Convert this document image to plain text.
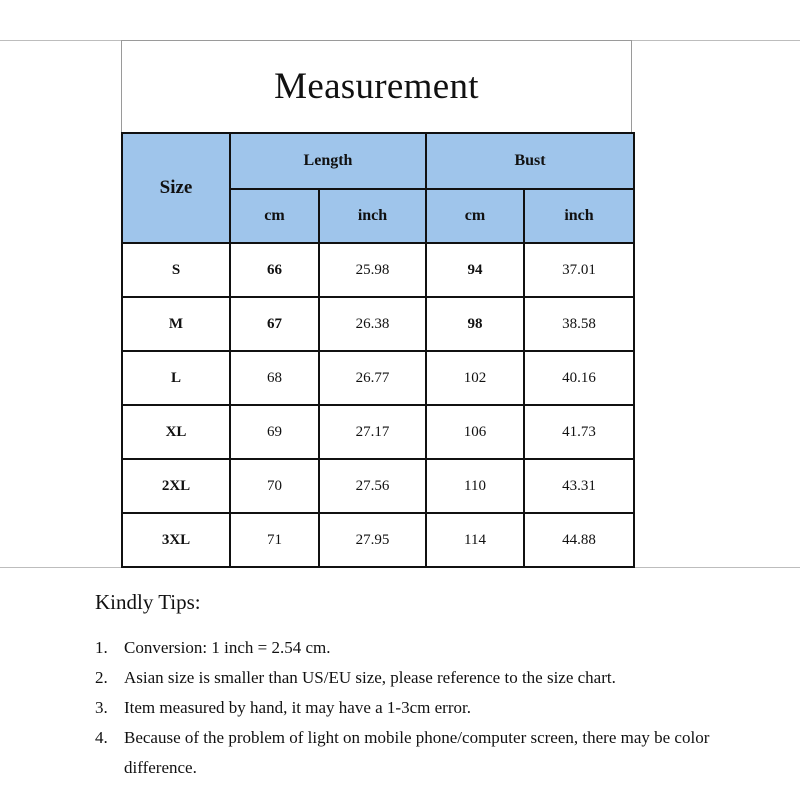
Measurement
Size	Length		Bust	
	cm	inch	cm	inch
S	66	25.98	94	37.01
M	67	26.38	98	38.58
L	68	26.77	102	40.16
XL	69	27.17	106	41.73
2XL	70	27.56	110	43.31
3XL	71	27.95	114	44.88
Kindly Tips:
1. Conversion: 1 inch = 2.54 cm.
2. Asian size is smaller than US/EU size, please reference to the size chart.
3. Item measured by hand, it may have a 1-3cm error.
4. Because of the problem of light on mobile phone/computer screen, there may be color difference.
